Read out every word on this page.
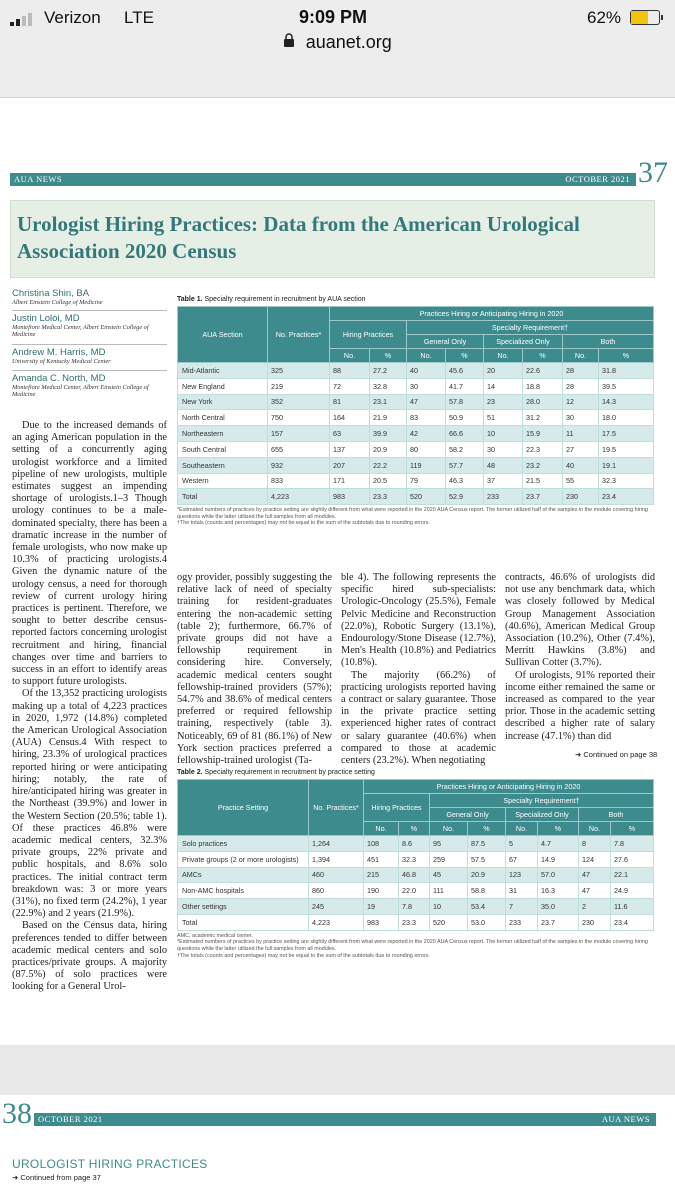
Verizon LTE	9:09 PM	62%
auanet.org
AUA NEWS	OCTOBER 2021 37
Urologist Hiring Practices: Data from the American Urological Association 2020 Census
Christina Shin, BA
Albert Einstein College of Medicine
Justin Loloi, MD
Montefiore Medical Center, Albert Einstein College of Medicine
Andrew M. Harris, MD
University of Kentucky Medical Center
Amanda C. North, MD
Montefiore Medical Center, Albert Einstein College of Medicine

Due to the increased demands of an aging American population in the setting of a concurrently aging urologist workforce and a limited pipeline of new urologists, multiple estimates suggest an impending shortage of urologists.1–3 Though urology continues to be a male-dominated specialty, there has been a dramatic increase in the number of female urologists, who now make up 10.3% of practicing urologists.4 Given the dynamic nature of the urology census, a need for thorough review of current urology hiring practices is pertinent. Therefore, we sought to better describe census-reported factors concerning urologist recruitment and hiring, financial changes over time and barriers to success in an effort to identify areas to support future urologists.

Of the 13,352 practicing urologists making up a total of 4,223 practices in 2020, 1,972 (14.8%) completed the American Urological Association (AUA) Census.4 With respect to hiring, 23.3% of urological practices reported hiring or were anticipating hiring; notably, the rate of hire/anticipated hiring was greater in the Northeast (39.9%) and lower in the Western Section (20.5%; table 1). Of these practices 46.8% were academic medical centers, 32.3% private groups, 22% private and public hospitals, and 8.6% solo practices. The initial contract term breakdown was: 3 or more years (31%), no fixed term (24.2%), 1 year (22.9%) and 2 years (21.9%).

Based on the Census data, hiring preferences tended to differ between academic medical centers and solo practices/private groups. A majority (87.5%) of solo practices were looking for a General Urol-

Table 1. Specialty requirement in recruitment by AUA section
AUA Section	No. Practices*	Practices Hiring or Anticipating Hiring in 2020							
		Hiring Practices		Specialty Requirement†					
				General Only		Specialized Only		Both	
		No.	%	No.	%	No.	%	No.	%
Mid-Atlantic	325	88	27.2	40	45.6	20	22.6	28	31.8
New England	219	72	32.8	30	41.7	14	18.8	28	39.5
New York	352	81	23.1	47	57.8	23	28.0	12	14.3
North Central	750	164	21.9	83	50.9	51	31.2	30	18.0
Northeastern	157	63	39.9	42	66.6	10	15.9	11	17.5
South Central	655	137	20.9	80	58.2	30	22.3	27	19.5
Southeastern	932	207	22.2	119	57.7	48	23.2	40	19.1
Western	833	171	20.5	79	46.3	37	21.5	55	32.3
Total	4,223	983	23.3	520	52.9	233	23.7	230	23.4
*Estimated numbers of practices by practice setting are slightly different from what were reported in the 2020 AUA Census report. The former utilized half of the samples in the module covering hiring questions while the latter utilized the full samples from all modules.
†The totals (counts and percentages) may not be equal to the sum of the subtotals due to rounding errors.

ogy provider, possibly suggesting the relative lack of need of specialty training for resident-graduates entering the non-academic setting (table 2); furthermore, 66.7% of private groups did not have a fellowship requirement in considering hire. Conversely, academic medical centers sought fellowship-trained providers (57%); 54.7% and 38.6% of medical centers preferred or required fellowship training, respectively (table 3). Noticeably, 69 of 81 (86.1%) of New York section practices preferred a fellowship-trained urologist (Ta-

ble 4). The following represents the specific hired sub-specialists: Urologic-Oncology (25.5%), Female Pelvic Medicine and Reconstruction (22.0%), Robotic Surgery (13.1%), Endourology/Stone Disease (12.7%), Men's Health (10.8%) and Pediatrics (10.8%).

The majority (66.2%) of practicing urologists reported having a contract or salary guarantee. Those in the private practice setting experienced higher rates of contract or salary guarantee (40.6%) when compared to those at academic centers (23.2%). When negotiating

contracts, 46.6% of urologists did not use any benchmark data, which was closely followed by Medical Group Management Association (40.6%), American Medical Group Association (10.2%), Other (7.4%), Merritt Hawkins (3.8%) and Sullivan Cotter (3.7%).

Of urologists, 91% reported their income either remained the same or increased as compared to the year prior. Those in the academic setting described a higher rate of salary increase (47.1%) than did

➜ Continued on page 38
Table 2. Specialty requirement in recruitment by practice setting
Practice Setting	No. Practices*	Practices Hiring or Anticipating Hiring in 2020							
		Hiring Practices		Specialty Requirement†					
				General Only		Specialized Only		Both	
		No.	%	No.	%	No.	%	No.	%
Solo practices	1,264	108	8.6	95	87.5	5	4.7	8	7.8
Private groups (2 or more urologists)	1,394	451	32.3	259	57.5	67	14.9	124	27.6
AMCs	460	215	46.8	45	20.9	123	57.0	47	22.1
Non-AMC hospitals	860	190	22.0	111	58.8	31	16.3	47	24.9
Other settings	245	19	7.8	10	53.4	7	35.0	2	11.6
Total	4,223	983	23.3	520	53.0	233	23.7	230	23.4
AMC, academic medical center.
*Estimated numbers of practices by practice setting are slightly different from what were reported in the 2020 AUA Census report. The former utilized half of the samples in the module covering hiring questions while the latter utilized the full samples from all modules.
†The totals (counts and percentages) may not be equal to the sum of the subtotals due to rounding errors.
38 OCTOBER 2021	AUA NEWS
UROLOGIST HIRING PRACTICES
➜ Continued from page 37
